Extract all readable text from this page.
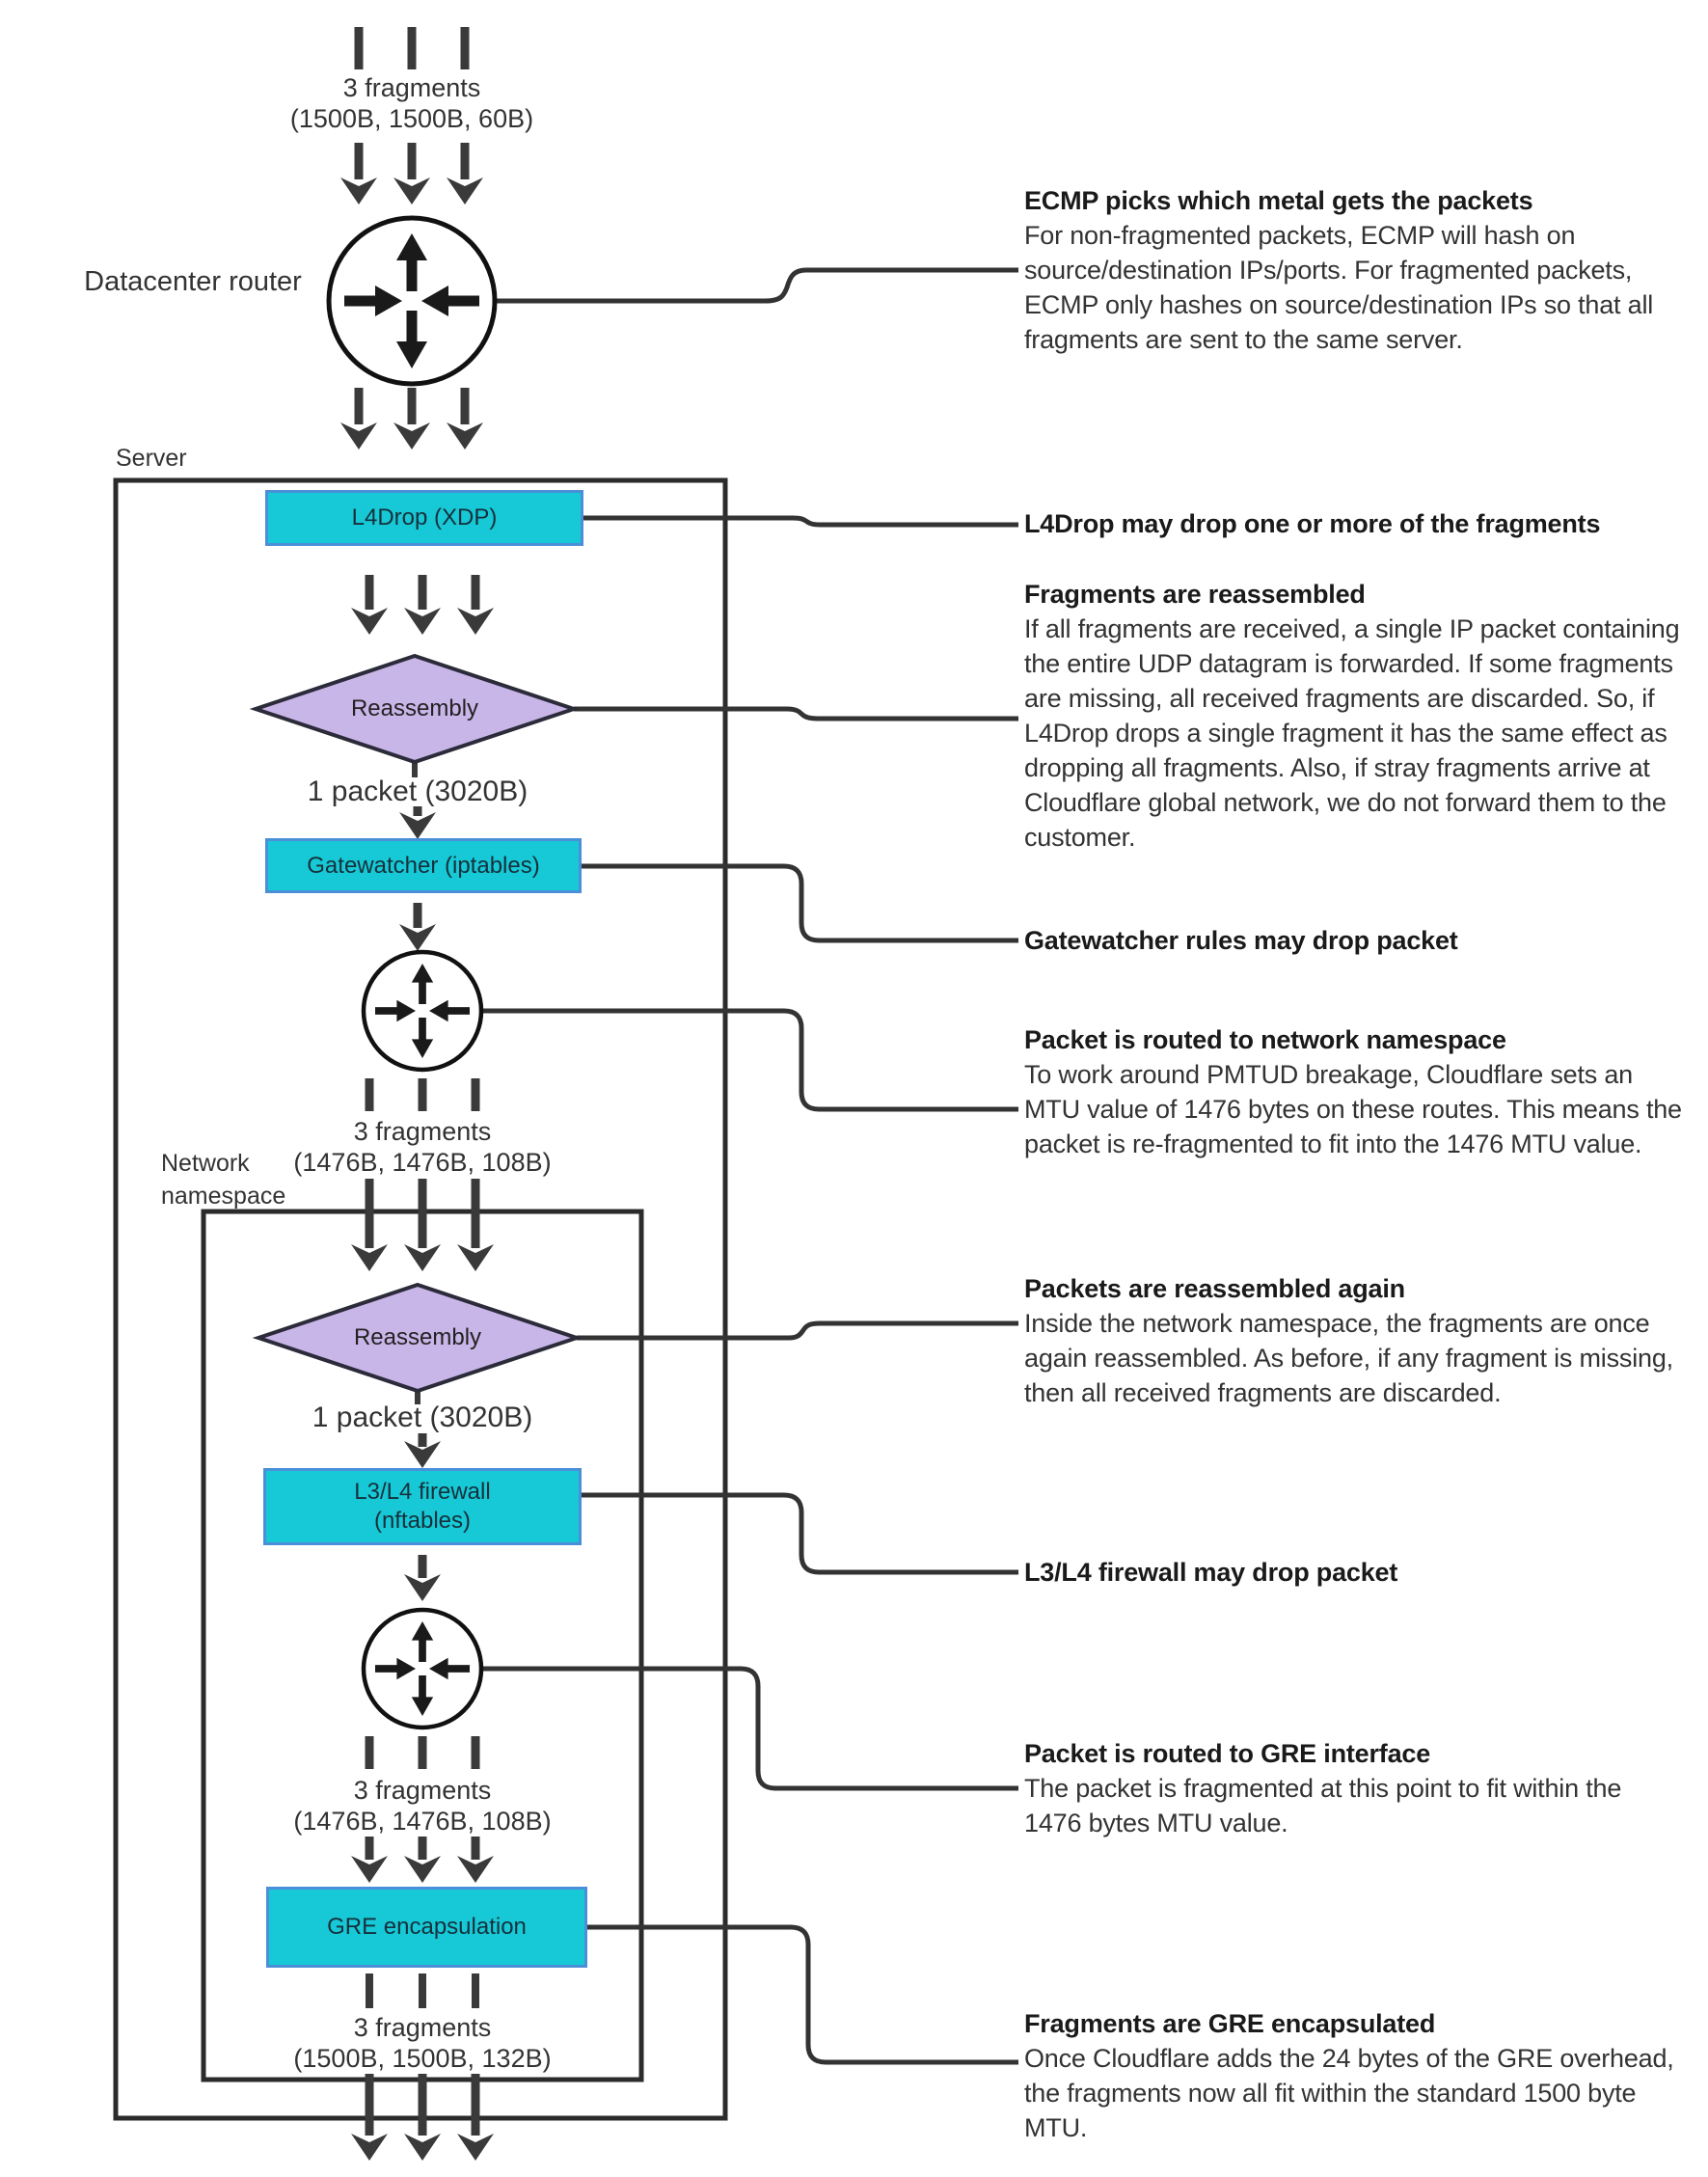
L4Drop (XDP)
Gatewatcher (iptables)
L3/L4 firewall
(nftables)
GRE encapsulation
Reassembly
Reassembly
3 fragments
(1500B, 1500B, 60B)
Datacenter router
Server
1 packet (3020B)
3 fragments
(1476B, 1476B, 108B)
Network
namespace
1 packet (3020B)
3 fragments
(1476B, 1476B, 108B)
3 fragments
(1500B, 1500B, 132B)
ECMP picks which metal gets the packets
For non-fragmented packets, ECMP will hash on source/destination IPs/ports. For fragmented packets, ECMP only hashes on source/destination IPs so that all fragments are sent to the same server.
L4Drop may drop one or more of the fragments
Fragments are reassembled
If all fragments are received, a single IP packet containing the entire UDP datagram is forwarded. If some fragments are missing, all received fragments are discarded. So, if L4Drop drops a single fragment it has the same effect as dropping all fragments. Also, if stray fragments arrive at Cloudflare global network, we do not forward them to the customer.
Gatewatcher rules may drop packet
Packet is routed to network namespace
To work around PMTUD breakage, Cloudflare sets an MTU value of 1476 bytes on these routes. This means the packet is re-fragmented to fit into the 1476 MTU value.
Packets are reassembled again
Inside the network namespace, the fragments are once again reassembled. As before, if any fragment is missing, then all received fragments are discarded.
L3/L4 firewall may drop packet
Packet is routed to GRE interface
The packet is fragmented at this point to fit within the 1476 bytes MTU value.
Fragments are GRE encapsulated
Once Cloudflare adds the 24 bytes of the GRE overhead, the fragments now all fit within the standard 1500 byte MTU.
